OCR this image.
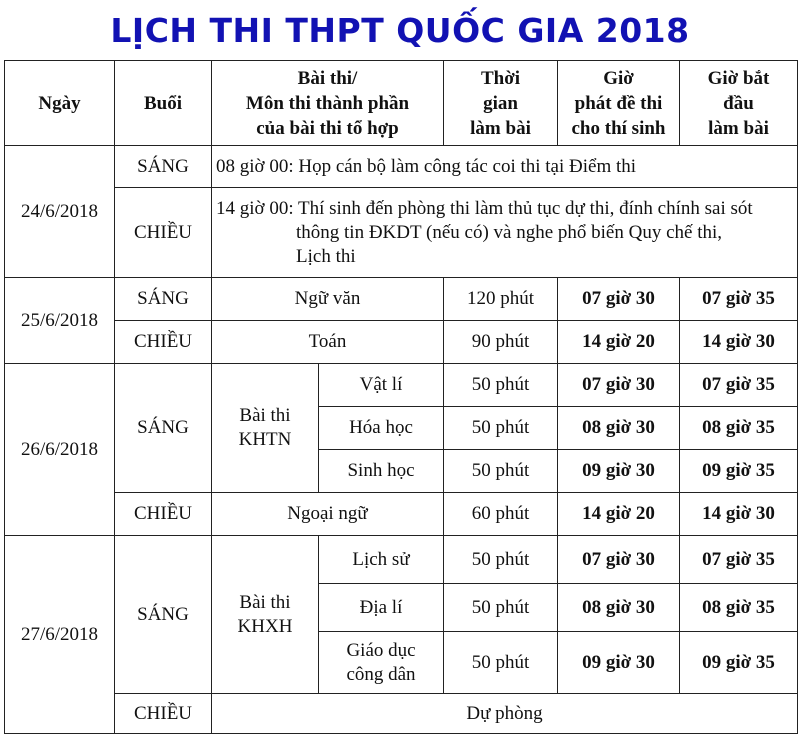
LỊCH THI THPT QUỐC GIA 2018
Ngày	Buổi	Bài thi/
Môn thi thành phần
của bài thi tổ hợp		Thời
gian
làm bài	Giờ
phát đề thi
cho thí sinh	Giờ bắt
đầu
làm bài

24/6/2018	SÁNG	08 giờ 00: Họp cán bộ làm công tác coi thi tại Điểm thi				
	CHIỀU	14 giờ 00: Thí sinh đến phòng thi làm thủ tục dự thi, đính chính sai sót
thông tin ĐKDT (nếu có) và nghe phổ biến Quy chế thi,
Lịch thi				

25/6/2018	SÁNG	Ngữ văn		120 phút	07 giờ 30	07 giờ 35
	CHIỀU	Toán		90 phút	14 giờ 20	14 giờ 30
26/6/2018	SÁNG	Bài thi
KHTN	Vật lí	50 phút	07 giờ 30	07 giờ 35
			Hóa học	50 phút	08 giờ 30	08 giờ 35
			Sinh học	50 phút	09 giờ 30	09 giờ 35
	CHIỀU	Ngoại ngữ		60 phút	14 giờ 20	14 giờ 30
27/6/2018	SÁNG	Bài thi
KHXH	Lịch sử	50 phút	07 giờ 30	07 giờ 35
			Địa lí	50 phút	08 giờ 30	08 giờ 35

			Giáo dục
công dân	50 phút	09 giờ 30	09 giờ 35
	CHIỀU	Dự phòng				
